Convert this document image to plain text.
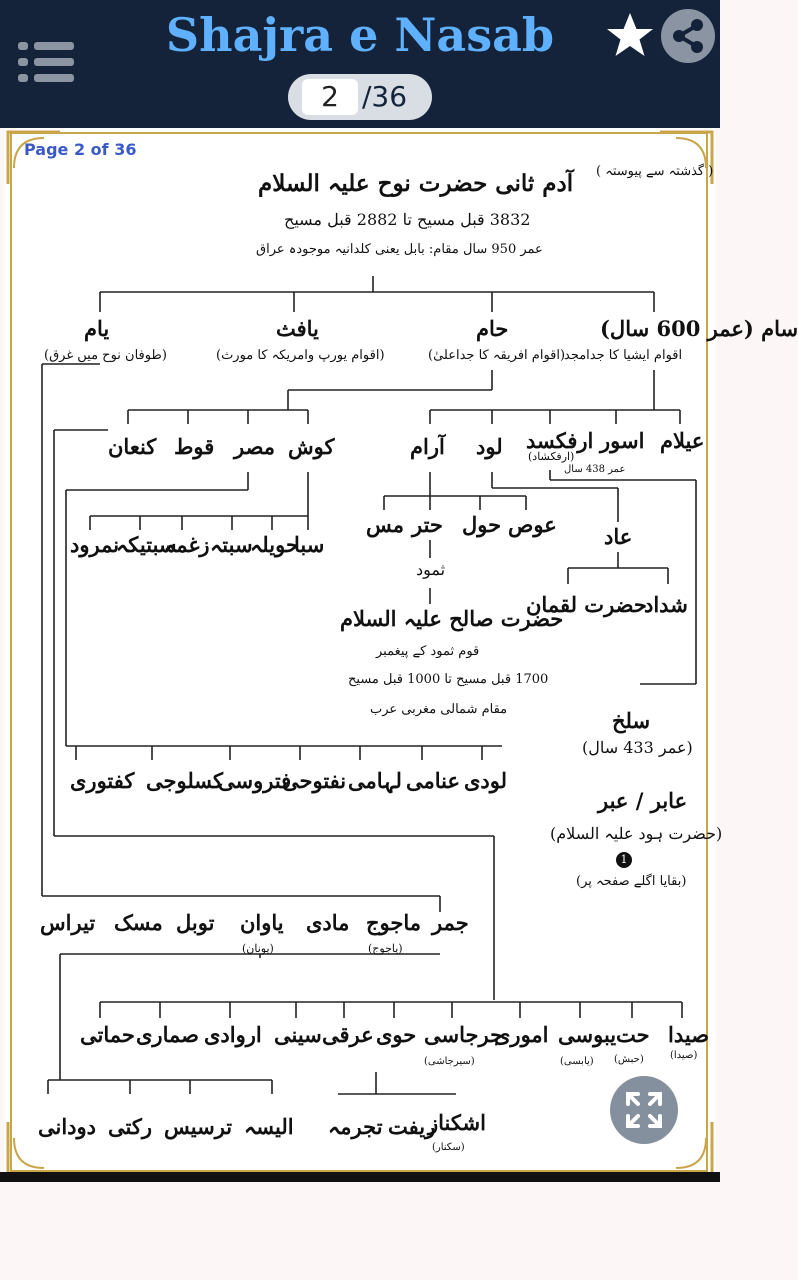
Shajra e Nasab
2 /36
Page 2 of 36
( گذشتہ سے پیوستہ )
آدم ثانی حضرت نوح علیہ السلام
3832 قبل مسیح تا 2882 قبل مسیح
عمر 950 سال مقام: بابل یعنی کلدانیہ موجودہ عراق
سام (عمر 600 سال)
اقوام ایشیا کا جدامجد
حام
(اقوام افریقہ کا جداعلیٰ)
یافث
(اقوام یورپ وامریکہ کا مورث)
یام
(طوفان نوح میں غرق)
عیلام
اسور
ارفکسد
(ارفکشاد)
عمر 438 سال
لود
آرام
کوش
مصر
قوط
کنعان
عوص
حول
حتر
مس	عاد
شداد
حضرت لقمان
ثمود
حضرت صالح علیہ السلام
قوم ثمود کے پیغمبر
1700 قبل مسیح تا 1000 قبل مسیح
مقام شمالی مغربی عرب
سبا
حویلہ
سبتہ
زغمہ
سبتیکہ
نمرود
لودی
عنامی
لہامی
نفتوحی
فتروسی
کسلوجی
کفتوری
سلخ
(عمر 433 سال)
عابر / عبر
(حضرت ہود علیہ السلام)
1
(بقایا اگلے صفحہ پر)
جمر
ماجوج
(یاجوج)
مادی
یاوان
(یونان)
توبل
مسک
تیراس
صیدا
(صیدا)
حت
(حبش)
یبوسی
(یابسی)
اموری
جرجاسی
(سیرجاشی)
حوی
عرقی
سینی
اروادی
صماری
حماتی
اشکناز
(سکنار)
ریفت
تجرمہ
الیسہ
ترسیس
رکتی
دودانی
